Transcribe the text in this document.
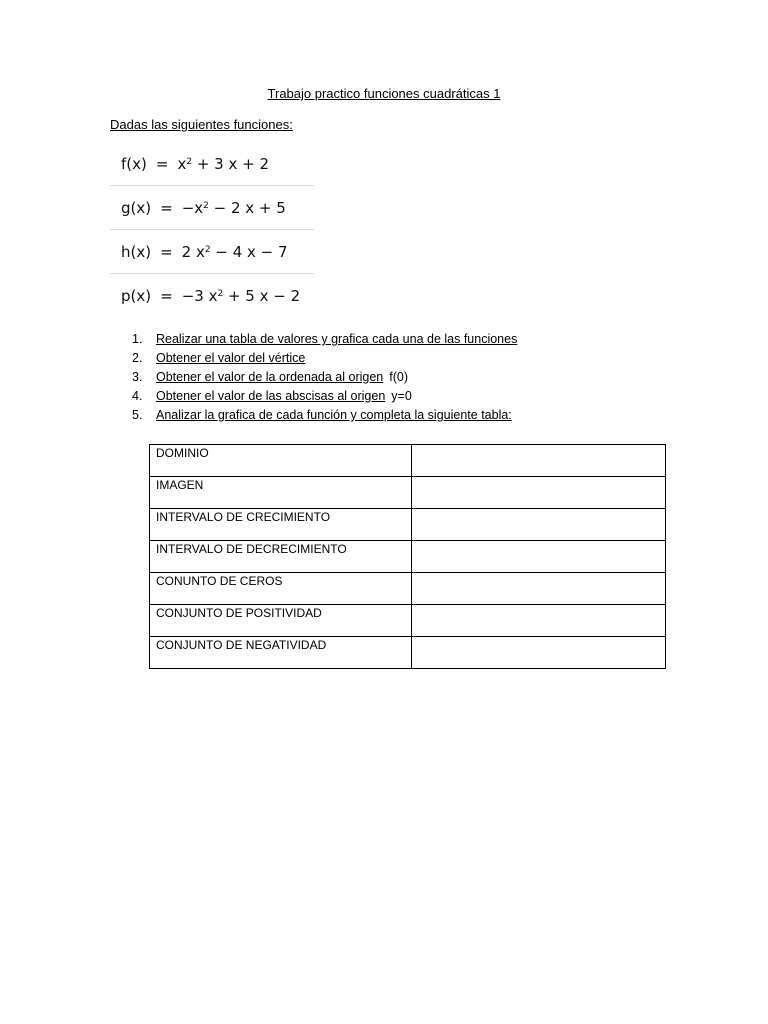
Trabajo practico funciones cuadráticas 1
Dadas las siguientes funciones:
$f(x) = x^2 + 3$ x + 2
$g(x) = -x^2 - 2$ x + 5
h(x) = 2 $x^2 - 4$ x − 7
p(x) = −3 $x^2 + 5$ x − 2
1.	Realizar una tabla de valores y grafica cada una de las funciones
2.	Obtener el valor del vértice
3.	Obtener el valor de la ordenada al origen f(0)
4.	Obtener el valor de las abscisas al origen y=0
5.	Analizar la grafica de cada función y completa la siguiente tabla:
DOMINIO	
IMAGEN	
INTERVALO DE CRECIMIENTO	
INTERVALO DE DECRECIMIENTO	
CONUNTO DE CEROS	
CONJUNTO DE POSITIVIDAD	
CONJUNTO DE NEGATIVIDAD	
